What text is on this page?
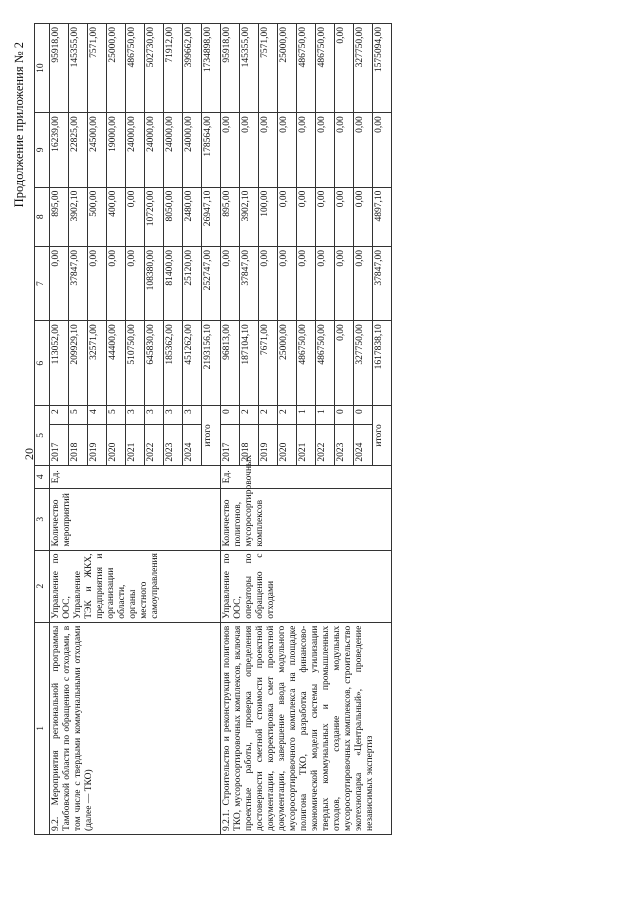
20
Продолжение приложения № 2
1	2	3	4	5		6	7	8	9	10
9.2. Мероприятия региональной программы Тамбовской области по обращению с отходами, в том числе с твердыми коммунальными отходами (далее — ТКО)	Управление по ООС, Управление ТЭК и ЖКХ, предприятия и организации области, органы местного самоуправления	Количество мероприятий	Ед.	2017	2	113052,00	0,00	895,00	16239,00	95918,00
				2018	5	209929,10	37847,00	3902,10	22825,00	145355,00
				2019	4	32571,00	0,00	500,00	24500,00	7571,00
				2020	5	44400,00	0,00	400,00	19000,00	25000,00
				2021	3	510750,00	0,00	0,00	24000,00	486750,00
				2022	3	645830,00	108380,00	10720,00	24000,00	502730,00
				2023	3	185362,00	81400,00	8050,00	24000,00	71912,00
				2024	3	451262,00	25120,00	2480,00	24000,00	399662,00
				итого		2193156,10	252747,00	26947,10	178564,00	1734898,00
9.2.1. Строительство и реконструкция полигонов ТКО, мусоросортировочных комплексов, включая проектные работы, проверка определения достоверности сметной стоимости проектной документации, корректировка смет проектной документации, завершение ввода модульного мусоросортировочного комплекса на площадке полигона ТКО, разработка финансово-экономической модели системы утилизации твердых коммунальных и промышленных отходов, создание модульных мусоросортировочных комплексов, строительство экотехнопарка «Центральный», проведение независимых экспертиз	Управление по ООС, операторы по обращению с отходами	Количество полигонов, мусоросортировочных комплексов	Ед.	2017	0	96813,00	0,00	895,00	0,00	95918,00
				2018	2	187104,10	37847,00	3902,10	0,00	145355,00
				2019	2	7671,00	0,00	100,00	0,00	7571,00
				2020	2	25000,00	0,00	0,00	0,00	25000,00
				2021	1	486750,00	0,00	0,00	0,00	486750,00
				2022	1	486750,00	0,00	0,00	0,00	486750,00
				2023	0	0,00	0,00	0,00	0,00	0,00
				2024	0	327750,00	0,00	0,00	0,00	327750,00
				итого		1617838,10	37847,00	4897,10	0,00	1575094,00
